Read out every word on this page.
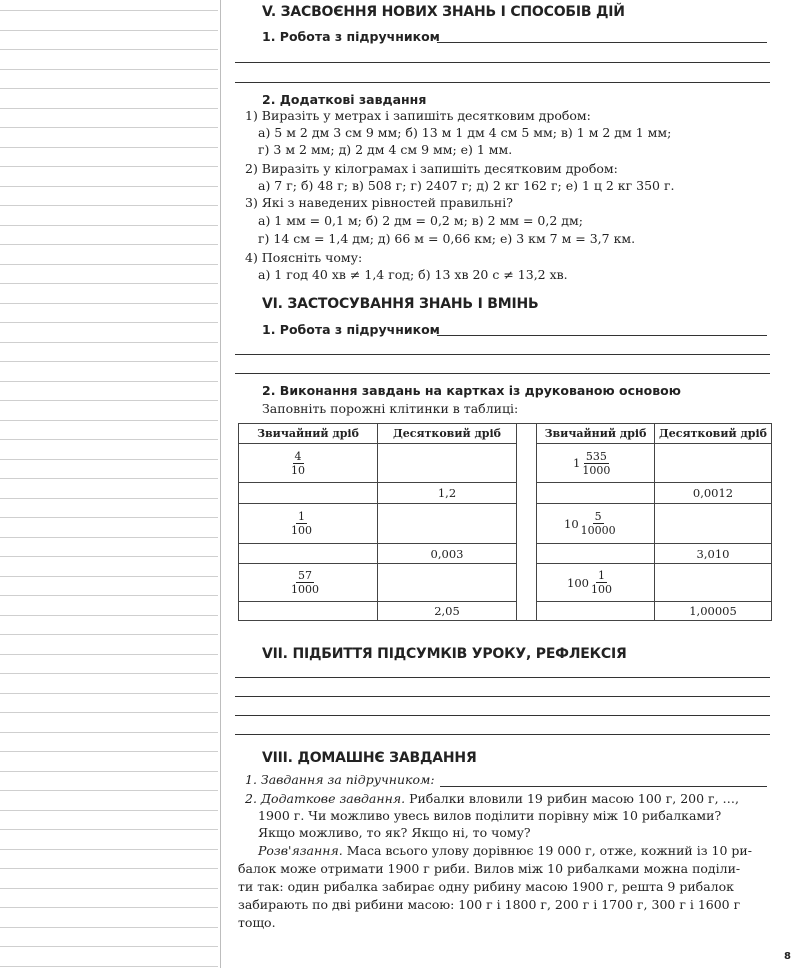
V. ЗАСВОЄННЯ НОВИХ ЗНАНЬ І СПОСОБІВ ДІЙ
1. Робота з підручником
2. Додаткові завдання
1) Виразіть у метрах і запишіть десятковим дробом:
а) 5 м 2 дм 3 см 9 мм; б) 13 м 1 дм 4 см 5 мм; в) 1 м 2 дм 1 мм;
г) 3 м 2 мм; д) 2 дм 4 см 9 мм; е) 1 мм.
2) Виразіть у кілограмах і запишіть десятковим дробом:
а) 7 г; б) 48 г; в) 508 г; г) 2407 г; д) 2 кг 162 г; е) 1 ц 2 кг 350 г.
3) Які з наведених рівностей правильні?
а) 1 мм = 0,1 м; б) 2 дм = 0,2 м; в) 2 мм = 0,2 дм;
г) 14 см = 1,4 дм; д) 66 м = 0,66 км; е) 3 км 7 м = 3,7 км.
4) Поясніть чому:
а) 1 год 40 хв ≠ 1,4 год; б) 13 хв 20 с ≠ 13,2 хв.
VI. ЗАСТОСУВАННЯ ЗНАНЬ І ВМІНЬ
1. Робота з підручником
2. Виконання завдань на картках із друкованою основою
Заповніть порожні клітинки в таблиці:
Звичайний дріб	Десятковий дріб		Звичайний дріб	Десятковий дріб

$\frac{4}{10}$			$1 \frac{535}{1000}$

	1,2			0,0012

$\frac{1}{100}$			$10 \frac{5}{10000}$

	0,003			3,010

$\frac{57}{1000}$			$100 \frac{1}{100}$

	2,05			1,00005
VII. ПІДБИТТЯ ПІДСУМКІВ УРОКУ, РЕФЛЕКСІЯ
VIII. ДОМАШНЄ ЗАВДАННЯ
1. Завдання за підручником:
2. Додаткове завдання. Рибалки вловили 19 рибин масою 100 г, 200 г, …,
1900 г. Чи можливо увесь вилов поділити порівну між 10 рибалками?
Якщо можливо, то як? Якщо ні, то чому?
Розв'язання. Маса всього улову дорівнює 19 000 г, отже, кожний із 10 ри-
балок може отримати 1900 г риби. Вилов між 10 рибалками можна поділи-
ти так: один рибалка забирає одну рибину масою 1900 г, решта 9 рибалок
забирають по дві рибини масою: 100 г і 1800 г, 200 г і 1700 г, 300 г і 1600 г
тощо.
8
